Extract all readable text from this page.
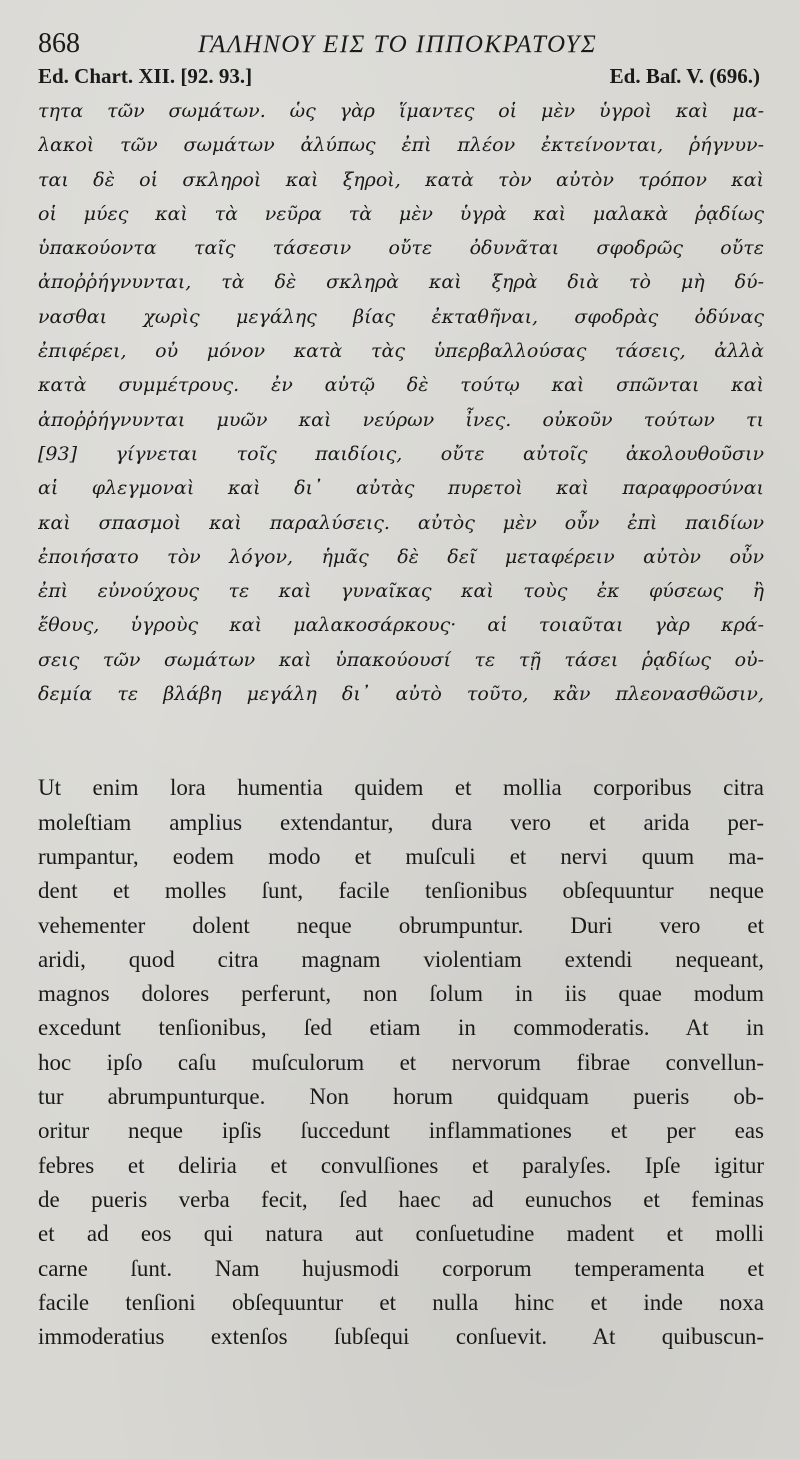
868	ΓΑΛΗΝΟΥ ΕΙΣ ΤΟ ΙΠΠΟΚΡΑΤΟΥΣ
Ed. Chart. XII. [92. 93.]	Ed. Baſ. V. (696.)
τητα τῶν σωμάτων. ὡς γὰρ ἵμαντες οἱ μὲν ὑγροὶ καὶ μα-
λακοὶ τῶν σωμάτων ἀλύπως ἐπὶ πλέον ἐκτείνονται, ῥήγνυν-
ται δὲ οἱ σκληροὶ καὶ ξηροὶ, κατὰ τὸν αὐτὸν τρόπον καὶ
οἱ μύες καὶ τὰ νεῦρα τὰ μὲν ὑγρὰ καὶ μαλακὰ ῥᾳδίως
ὑπακούοντα ταῖς τάσεσιν οὔτε ὀδυνᾶται σφοδρῶς οὔτε
ἀποῤῥήγνυνται, τὰ δὲ σκληρὰ καὶ ξηρὰ διὰ τὸ μὴ δύ-
νασθαι χωρὶς μεγάλης βίας ἐκταθῆναι, σφοδρὰς ὀδύνας
ἐπιφέρει, οὐ μόνον κατὰ τὰς ὑπερβαλλούσας τάσεις, ἀλλὰ
κατὰ συμμέτρους. ἐν αὐτῷ δὲ τούτῳ καὶ σπῶνται καὶ
ἀποῤῥήγνυνται μυῶν καὶ νεύρων ἶνες. οὐκοῦν τούτων τι
[93] γίγνεται τοῖς παιδίοις, οὔτε αὐτοῖς ἀκολουθοῦσιν
αἱ φλεγμοναὶ καὶ δι᾽ αὐτὰς πυρετοὶ καὶ παραφροσύναι
καὶ σπασμοὶ καὶ παραλύσεις. αὐτὸς μὲν οὖν ἐπὶ παιδίων
ἐποιήσατο τὸν λόγον, ἡμᾶς δὲ δεῖ μεταφέρειν αὐτὸν οὖν
ἐπὶ εὐνούχους τε καὶ γυναῖκας καὶ τοὺς ἐκ φύσεως ἢ
ἔθους, ὑγροὺς καὶ μαλακοσάρκους· αἱ τοιαῦται γὰρ κρά-
σεις τῶν σωμάτων καὶ ὑπακούουσί τε τῇ τάσει ῥᾳδίως οὐ-
δεμία τε βλάβη μεγάλη δι᾽ αὐτὸ τοῦτο, κἂν πλεονασθῶσιν,
Ut enim lora humentia quidem et mollia corporibus citra
moleſtiam amplius extendantur, dura vero et arida per-
rumpantur, eodem modo et muſculi et nervi quum ma-
dent et molles ſunt, facile tenſionibus obſequuntur neque
vehementer dolent neque obrumpuntur. Duri vero et
aridi, quod citra magnam violentiam extendi nequeant,
magnos dolores perferunt, non ſolum in iis quae modum
excedunt tenſionibus, ſed etiam in commoderatis. At in
hoc ipſo caſu muſculorum et nervorum fibrae convellun-
tur abrumpunturque. Non horum quidquam pueris ob-
oritur neque ipſis ſuccedunt inflammationes et per eas
febres et deliria et convulſiones et paralyſes. Ipſe igitur
de pueris verba fecit, ſed haec ad eunuchos et feminas
et ad eos qui natura aut conſuetudine madent et molli
carne ſunt. Nam hujusmodi corporum temperamenta et
facile tenſioni obſequuntur et nulla hinc et inde noxa
immoderatius extenſos ſubſequi conſuevit. At quibuscun-
